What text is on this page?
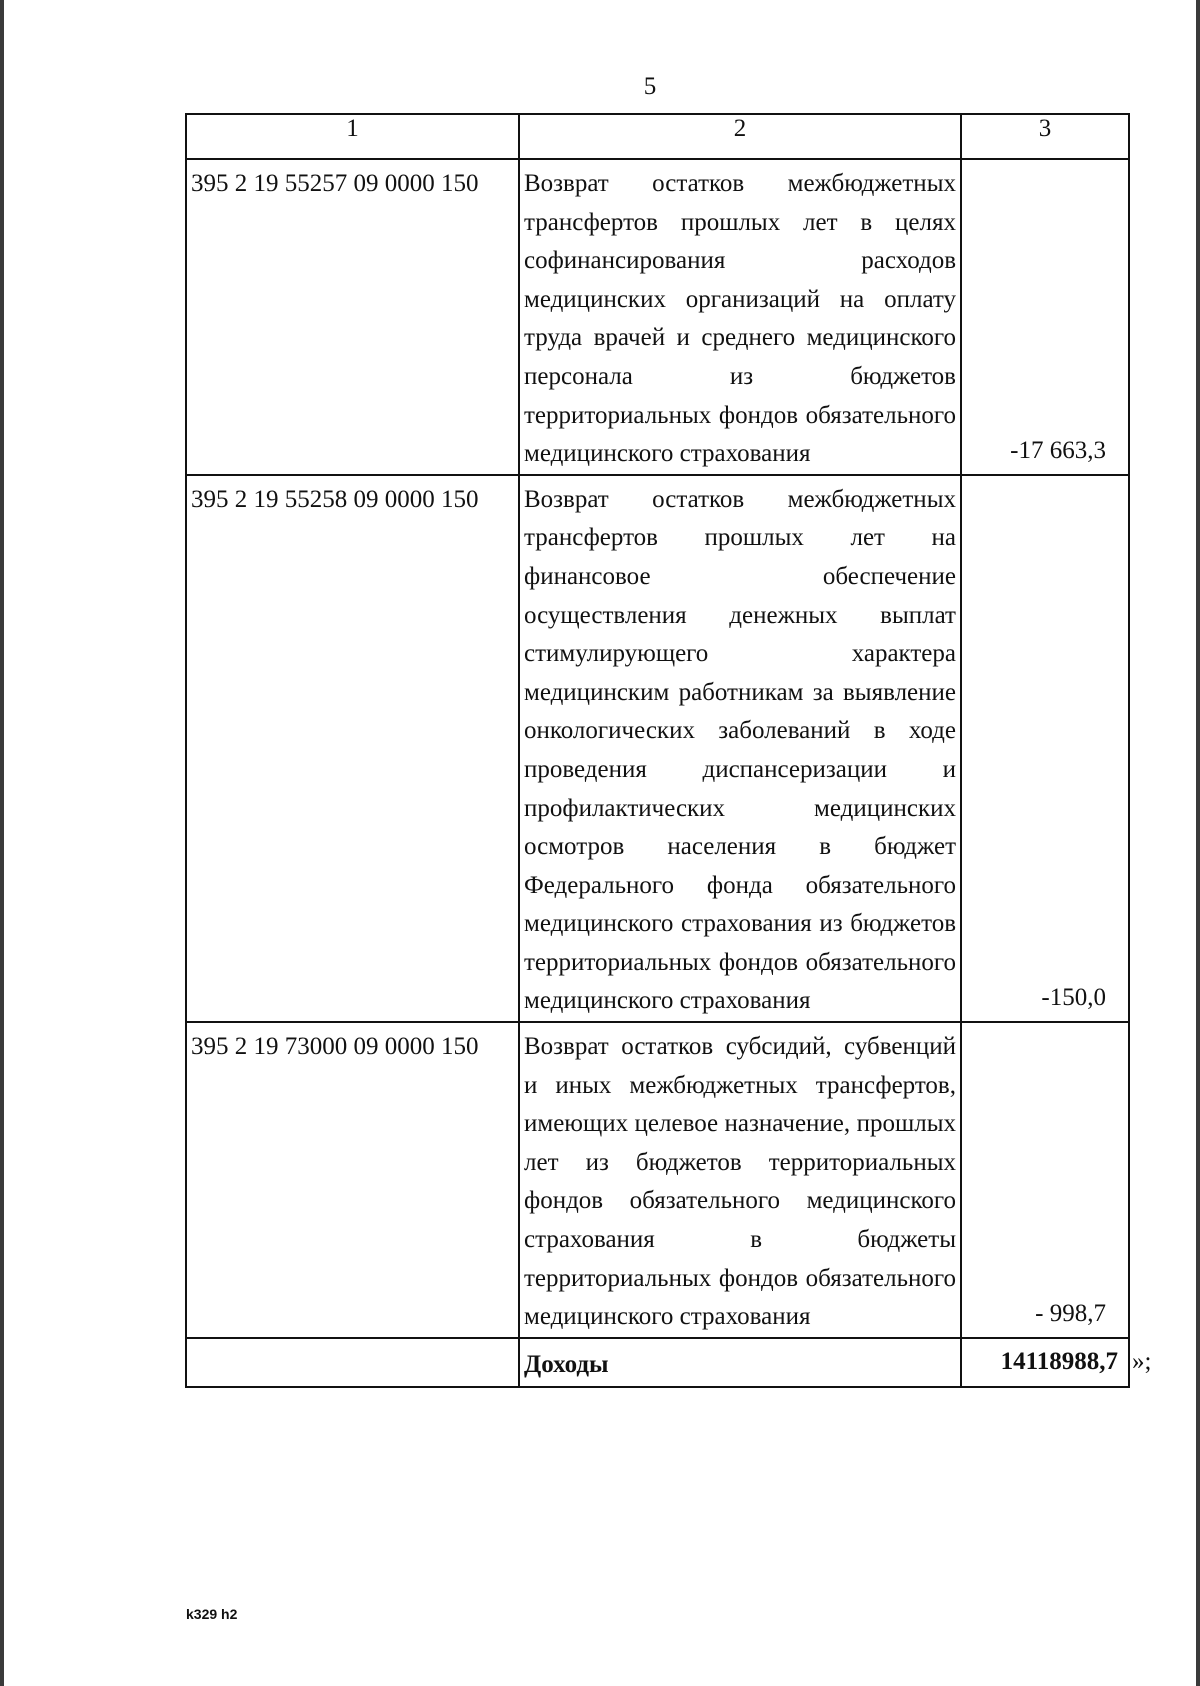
5
1	2	3
395 2 19 55257 09 0000 150	Возврат остатков межбюджетных трансфертов прошлых лет в целях софинансирования расходов медицинских организаций на оплату труда врачей и среднего медицинского персонала из бюджетов территориальных фондов обязательного медицинского страхования	-17 663,3
395 2 19 55258 09 0000 150	Возврат остатков межбюджетных трансфертов прошлых лет на финансовое обеспечение осуществления денежных выплат стимулирующего характера медицинским работникам за выявление онкологических заболеваний в ходе проведения диспансеризации и профилактических медицинских осмотров населения в бюджет Федерального фонда обязательного медицинского страхования из бюджетов территориальных фондов обязательного медицинского страхования	-150,0
395 2 19 73000 09 0000 150	Возврат остатков субсидий, субвенций и иных межбюджетных трансфертов, имеющих целевое назначение, прошлых лет из бюджетов территориальных фондов обязательного медицинского страхования в бюджеты территориальных фондов обязательного медицинского страхования	- 998,7
	Доходы	14118988,7 »;
k329 h2
